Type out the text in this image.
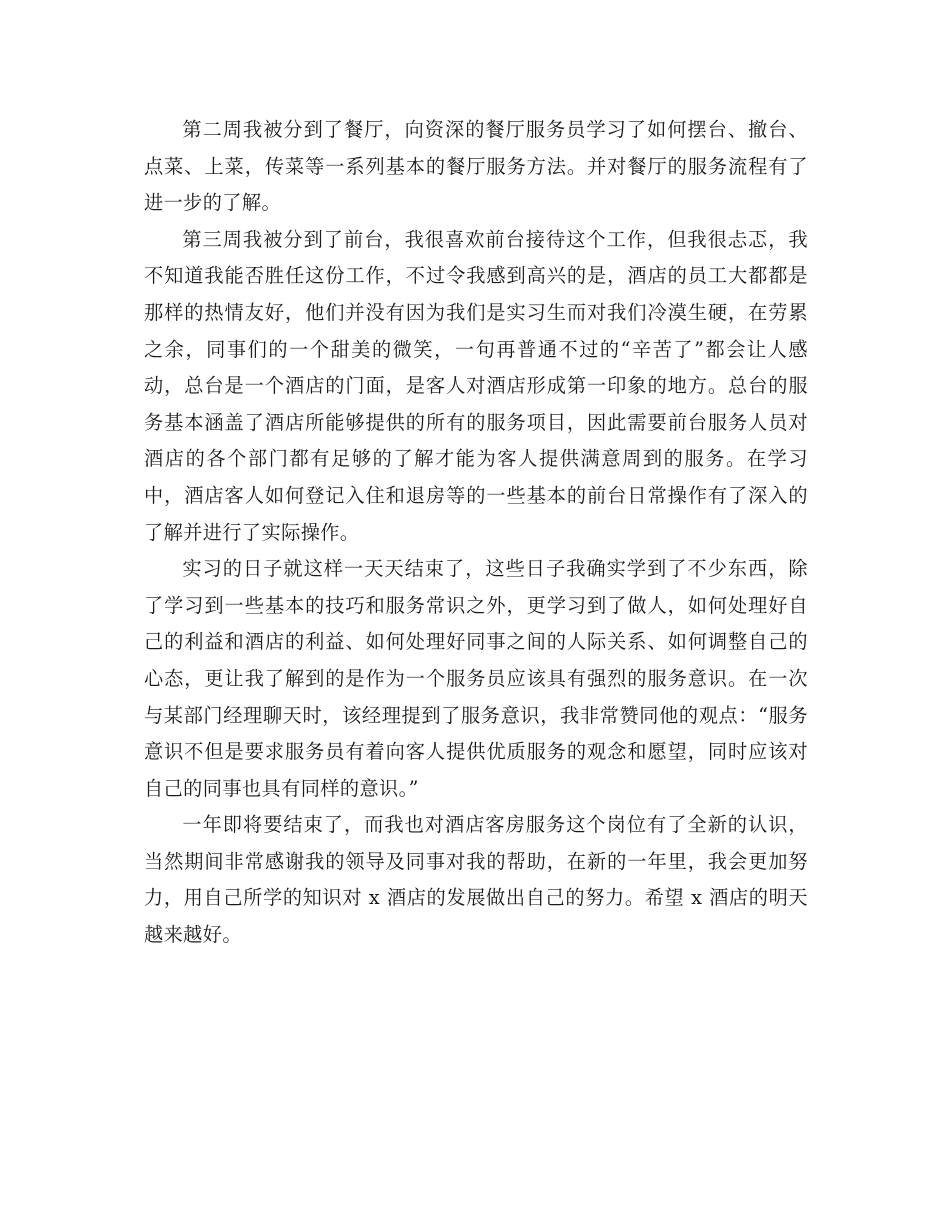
第二周我被分到了餐厅，向资深的餐厅服务员学习了如何摆台、撤台、点菜、上菜，传菜等一系列基本的餐厅服务方法。并对餐厅的服务流程有了进一步的了解。

第三周我被分到了前台，我很喜欢前台接待这个工作，但我很忐忑，我不知道我能否胜任这份工作，不过令我感到高兴的是，酒店的员工大都都是那样的热情友好，他们并没有因为我们是实习生而对我们冷漠生硬，在劳累之余，同事们的一个甜美的微笑，一句再普通不过的“辛苦了”都会让人感动，总台是一个酒店的门面，是客人对酒店形成第一印象的地方。总台的服务基本涵盖了酒店所能够提供的所有的服务项目，因此需要前台服务人员对酒店的各个部门都有足够的了解才能为客人提供满意周到的服务。在学习中，酒店客人如何登记入住和退房等的一些基本的前台日常操作有了深入的了解并进行了实际操作。

实习的日子就这样一天天结束了，这些日子我确实学到了不少东西，除了学习到一些基本的技巧和服务常识之外，更学习到了做人，如何处理好自己的利益和酒店的利益、如何处理好同事之间的人际关系、如何调整自己的心态，更让我了解到的是作为一个服务员应该具有强烈的服务意识。在一次与某部门经理聊天时，该经理提到了服务意识，我非常赞同他的观点：“服务意识不但是要求服务员有着向客人提供优质服务的观念和愿望，同时应该对自己的同事也具有同样的意识。”

一年即将要结束了，而我也对酒店客房服务这个岗位有了全新的认识，当然期间非常感谢我的领导及同事对我的帮助，在新的一年里，我会更加努力，用自己所学的知识对 x 酒店的发展做出自己的努力。希望 x 酒店的明天越来越好。
